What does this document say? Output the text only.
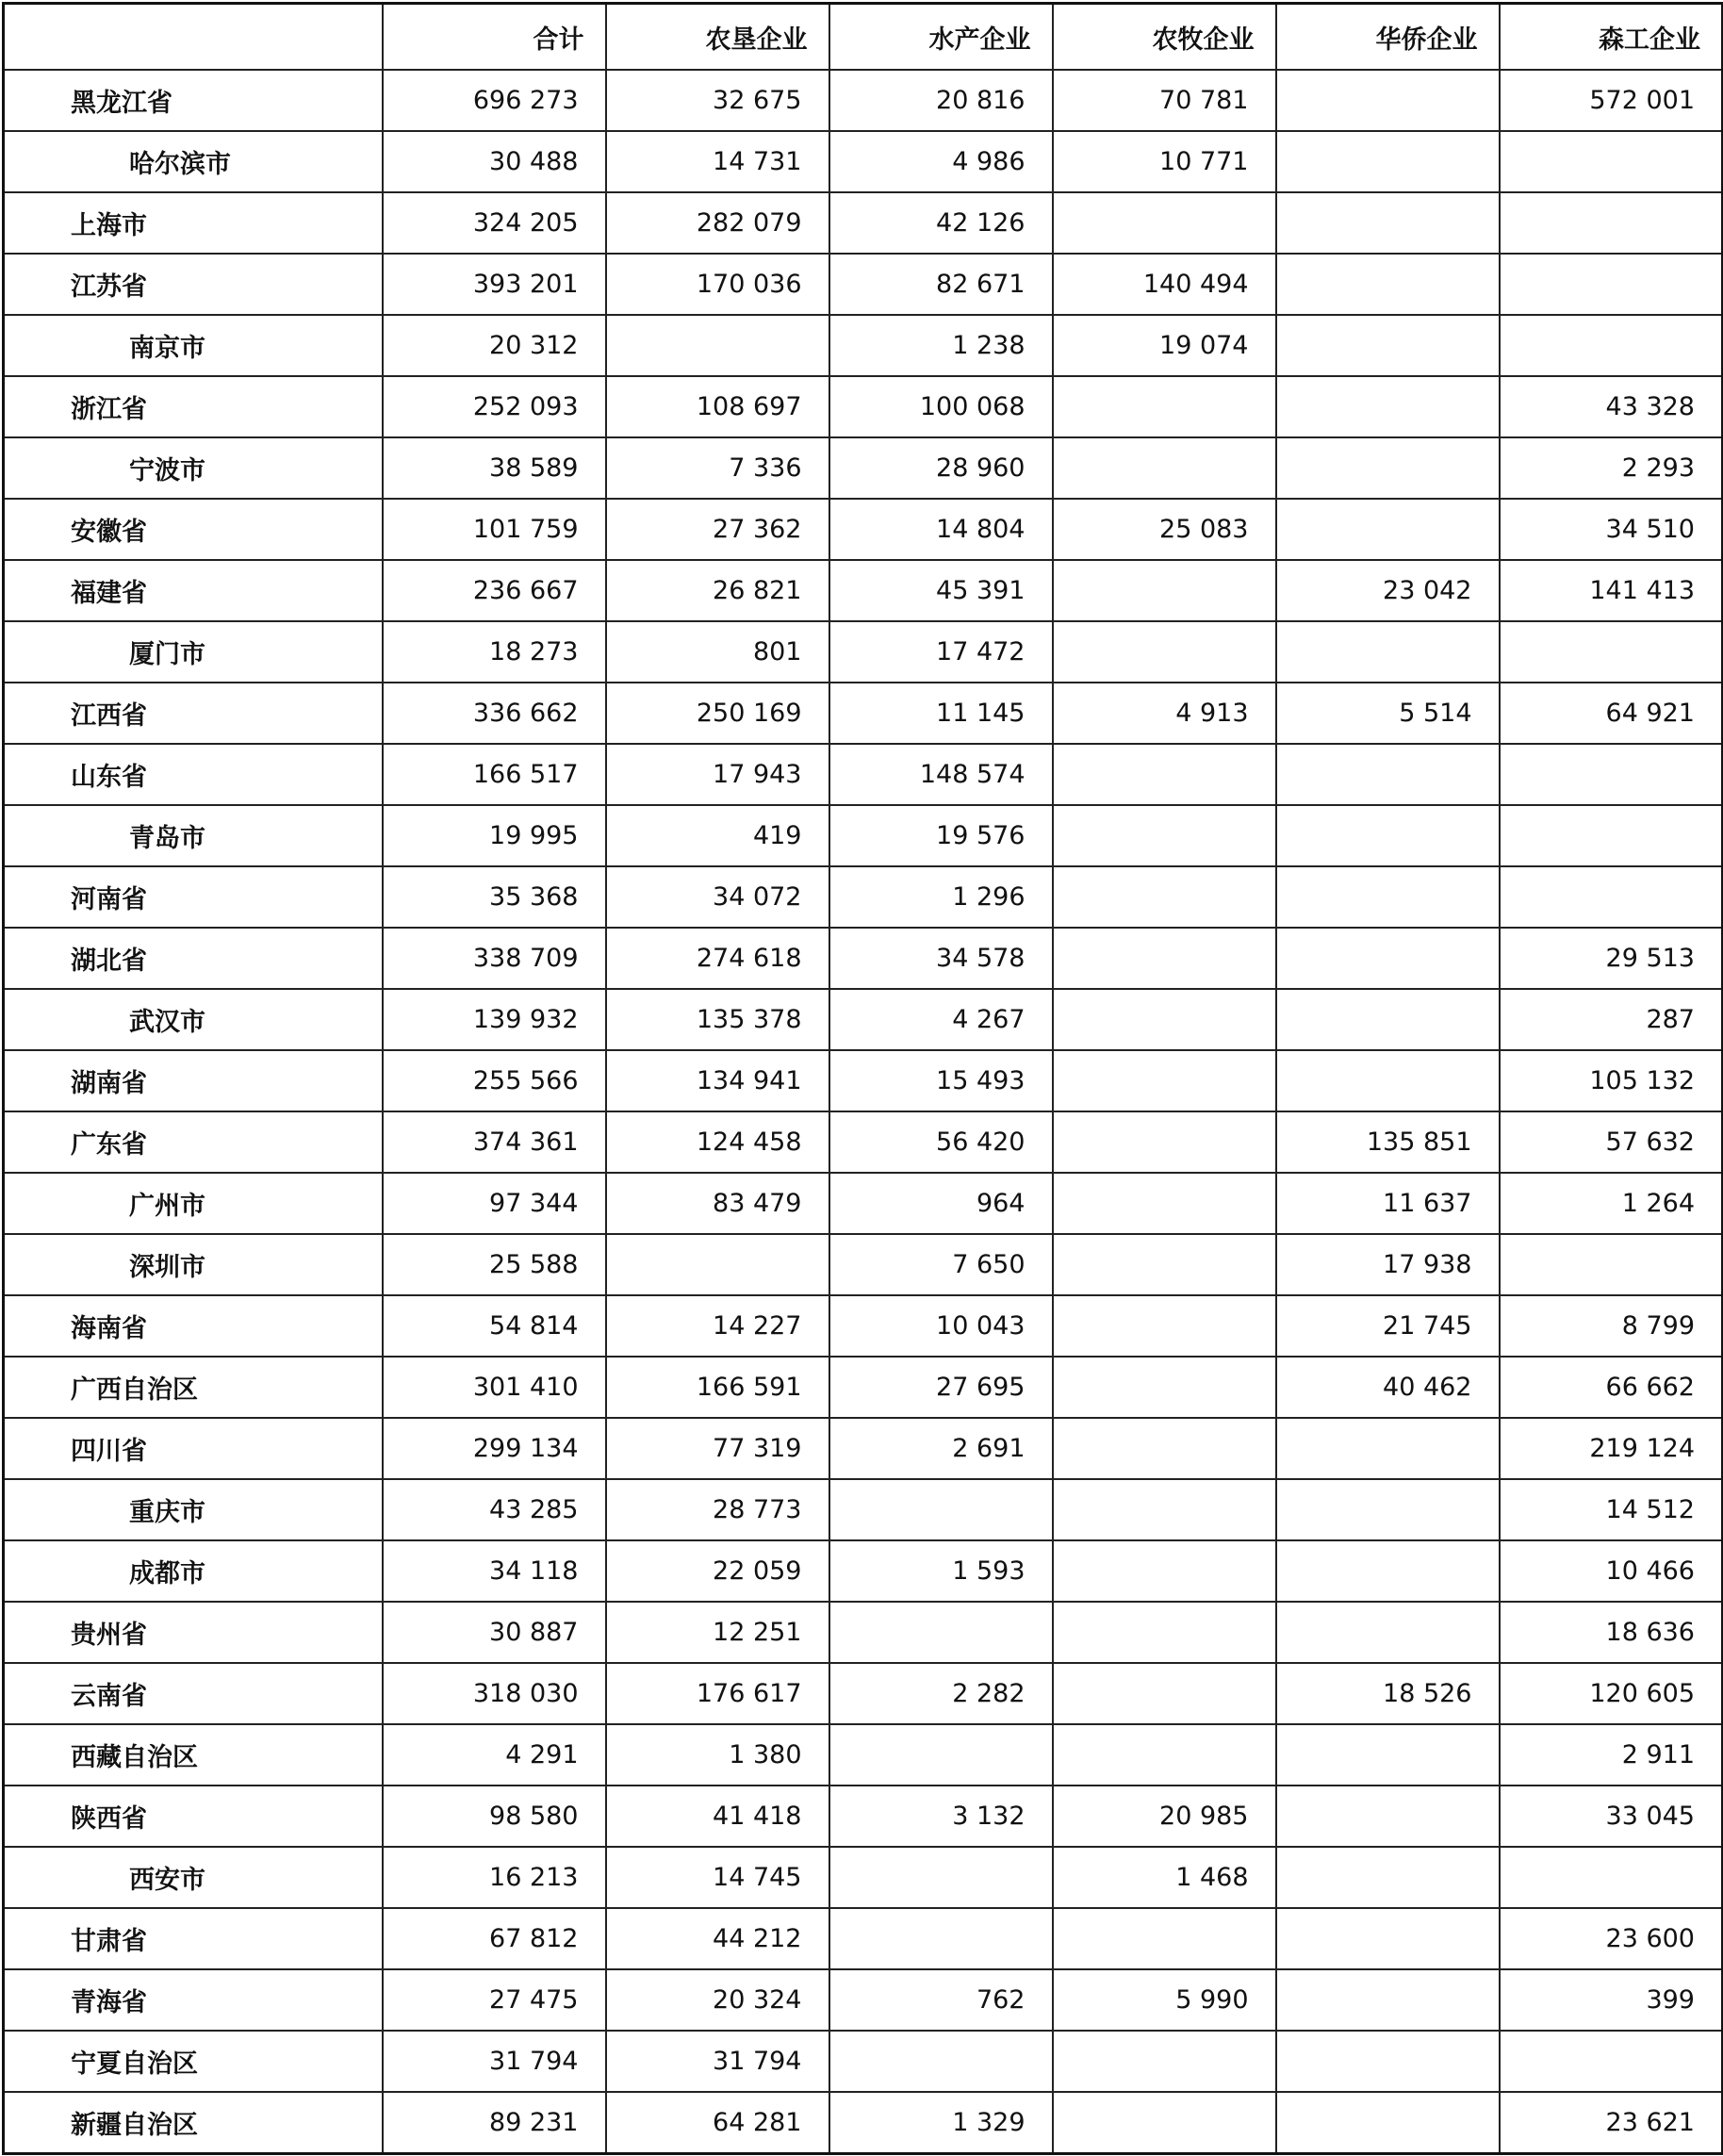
	合计	农垦企业	水产企业	农牧企业	华侨企业	森工企业
黑龙江省	696 273	32 675	20 816	70 781		572 001
哈尔滨市	30 488	14 731	4 986	10 771		
上海市	324 205	282 079	42 126			
江苏省	393 201	170 036	82 671	140 494		
南京市	20 312		1 238	19 074		
浙江省	252 093	108 697	100 068			43 328
宁波市	38 589	7 336	28 960			2 293
安徽省	101 759	27 362	14 804	25 083		34 510
福建省	236 667	26 821	45 391		23 042	141 413
厦门市	18 273	801	17 472			
江西省	336 662	250 169	11 145	4 913	5 514	64 921
山东省	166 517	17 943	148 574			
青岛市	19 995	419	19 576			
河南省	35 368	34 072	1 296			
湖北省	338 709	274 618	34 578			29 513
武汉市	139 932	135 378	4 267			287
湖南省	255 566	134 941	15 493			105 132
广东省	374 361	124 458	56 420		135 851	57 632
广州市	97 344	83 479	964		11 637	1 264
深圳市	25 588		7 650		17 938	
海南省	54 814	14 227	10 043		21 745	8 799
广西自治区	301 410	166 591	27 695		40 462	66 662
四川省	299 134	77 319	2 691			219 124
重庆市	43 285	28 773				14 512
成都市	34 118	22 059	1 593			10 466
贵州省	30 887	12 251				18 636
云南省	318 030	176 617	2 282		18 526	120 605
西藏自治区	4 291	1 380				2 911
陕西省	98 580	41 418	3 132	20 985		33 045
西安市	16 213	14 745		1 468		
甘肃省	67 812	44 212				23 600
青海省	27 475	20 324	762	5 990		399
宁夏自治区	31 794	31 794				
新疆自治区	89 231	64 281	1 329			23 621
